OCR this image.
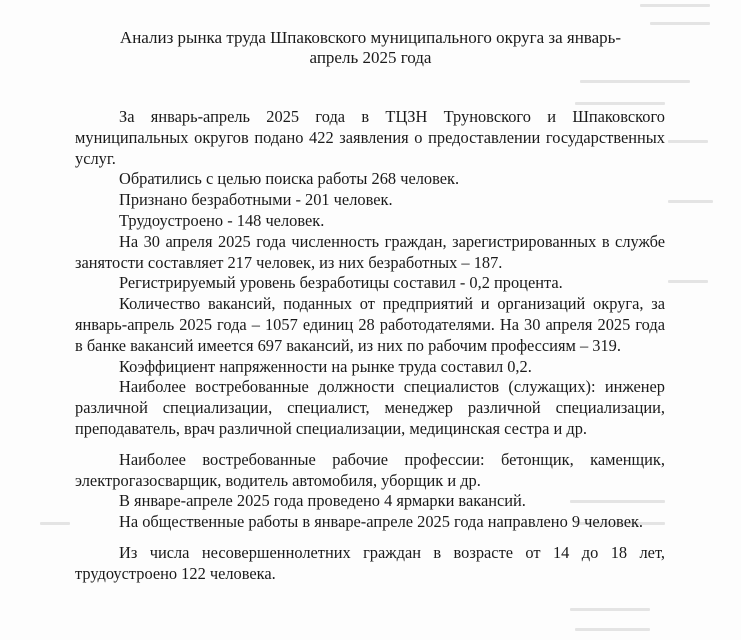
Анализ рынка труда Шпаковского муниципального округа за январь-
апрель 2025 года

За январь-апрель 2025 года в ТЦЗН Труновского и Шпаковского муниципальных округов подано 422 заявления о предоставлении государственных услуг.

Обратились с целью поиска работы 268 человек.

Признано безработными - 201 человек.

Трудоустроено - 148 человек.

На 30 апреля 2025 года численность граждан, зарегистрированных в службе занятости составляет 217 человек, из них безработных – 187.

Регистрируемый уровень безработицы составил - 0,2 процента.

Количество вакансий, поданных от предприятий и организаций округа, за январь-апрель 2025 года – 1057 единиц 28 работодателями. На 30 апреля 2025 года в банке вакансий имеется 697 вакансий, из них по рабочим профессиям – 319.

Коэффициент напряженности на рынке труда составил 0,2.

Наиболее востребованные должности специалистов (служащих): инженер различной специализации, специалист, менеджер различной специализации, преподаватель, врач различной специализации, медицинская сестра и др.

Наиболее востребованные рабочие профессии: бетонщик, каменщик, электрогазосварщик, водитель автомобиля, уборщик и др.

В январе-апреле 2025 года проведено 4 ярмарки вакансий.

На общественные работы в январе-апреле 2025 года направлено 9 человек.

Из числа несовершеннолетних граждан в возрасте от 14 до 18 лет, трудоустроено 122 человека.
